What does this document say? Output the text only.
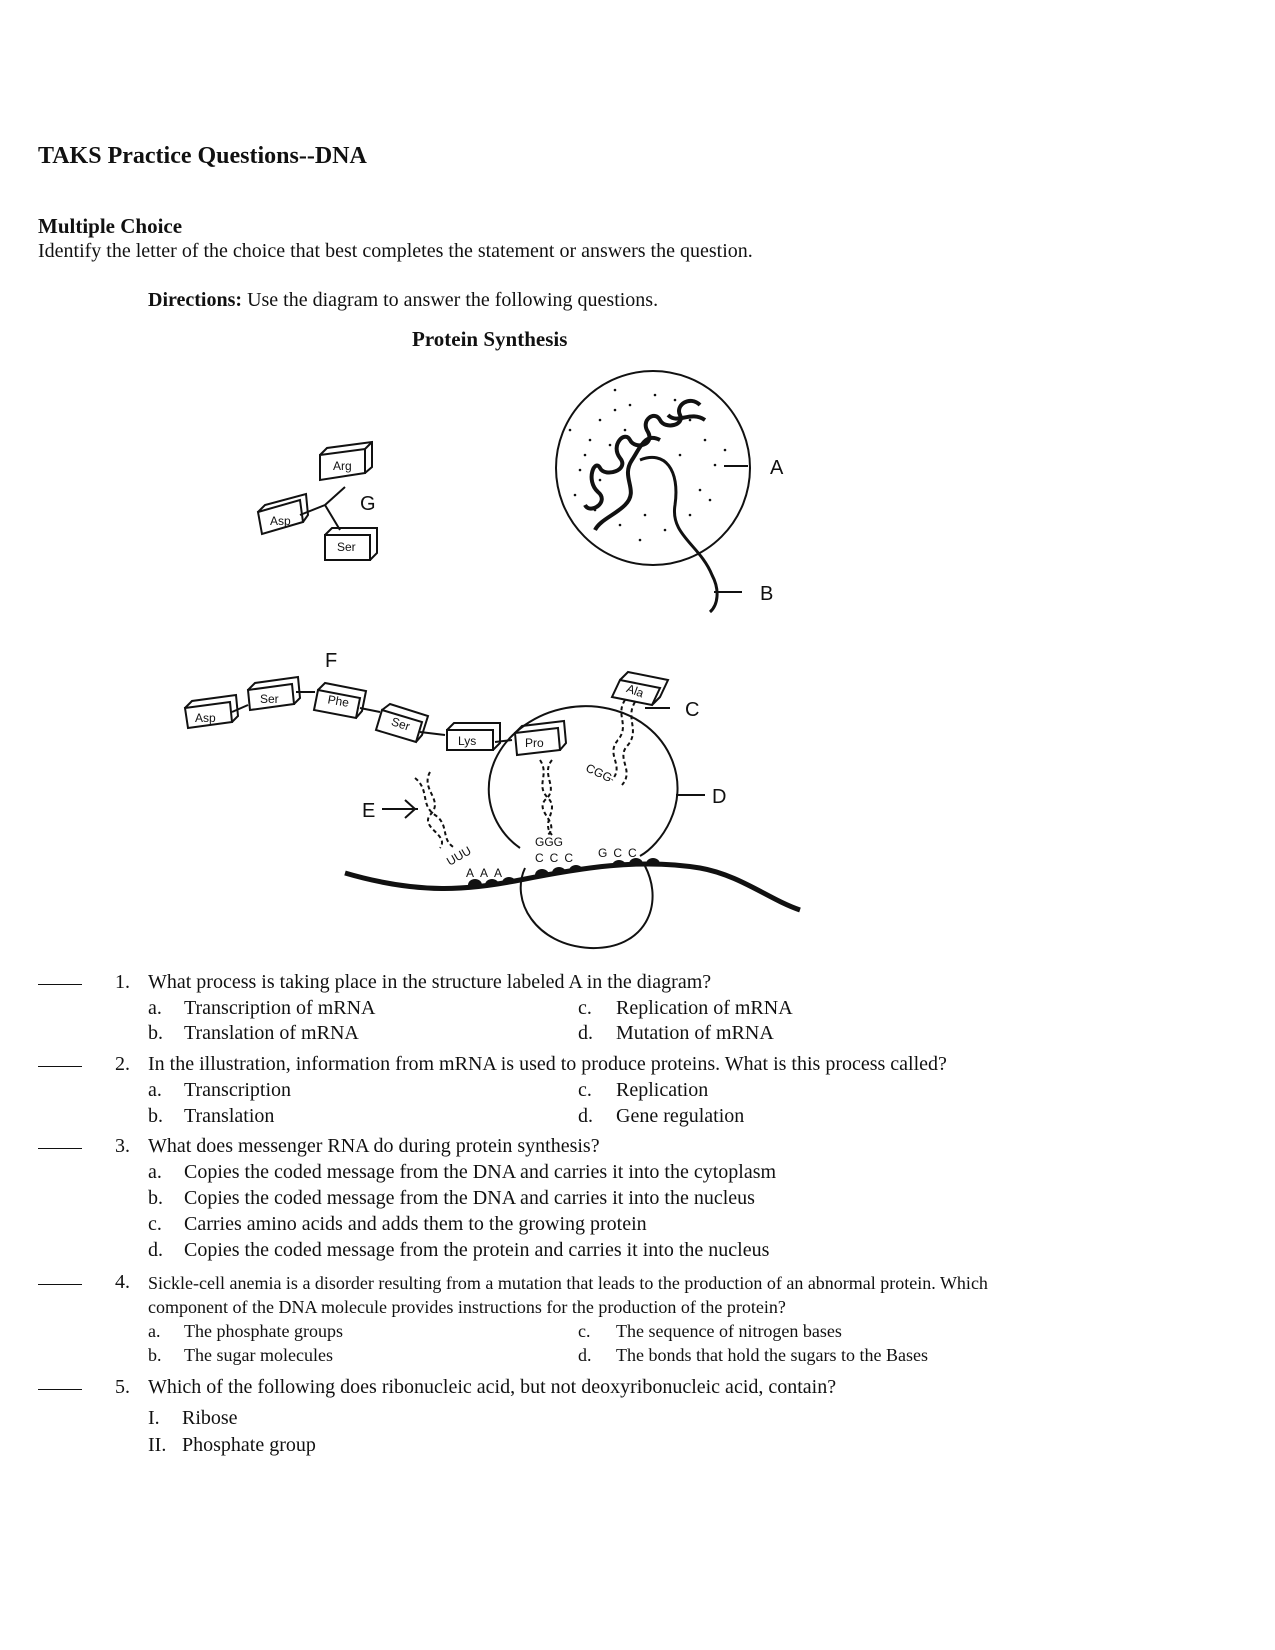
TAKS Practice Questions--DNA
Multiple Choice
Identify the letter of the choice that best completes the statement or answers the question.
Directions: Use the diagram to answer the following questions.
Protein Synthesis
A
B
Arg
Asp
Ser
G
Asp
Ser	Phe
Ser
Lys	Pro
F
D
E
UUU
GGG
Ala
C
CGG
AAA
CCC GCC
1. What process is taking place in the structure labeled A in the diagram?
a. Transcription of mRNA
b. Translation of mRNA
c. Replication of mRNA
d. Mutation of mRNA
2. In the illustration, information from mRNA is used to produce proteins. What is this process called?
a. Transcription
b. Translation
c. Replication
d. Gene regulation
3. What does messenger RNA do during protein synthesis?
a. Copies the coded message from the DNA and carries it into the cytoplasm
b. Copies the coded message from the DNA and carries it into the nucleus
c. Carries amino acids and adds them to the growing protein
d. Copies the coded message from the protein and carries it into the nucleus
4. Sickle-cell anemia is a disorder resulting from a mutation that leads to the production of an abnormal protein. Which
component of the DNA molecule provides instructions for the production of the protein?
a. The phosphate groups
b. The sugar molecules
c. The sequence of nitrogen bases
d. The bonds that hold the sugars to the Bases
5. Which of the following does ribonucleic acid, but not deoxyribonucleic acid, contain?
I. Ribose
II. Phosphate group
